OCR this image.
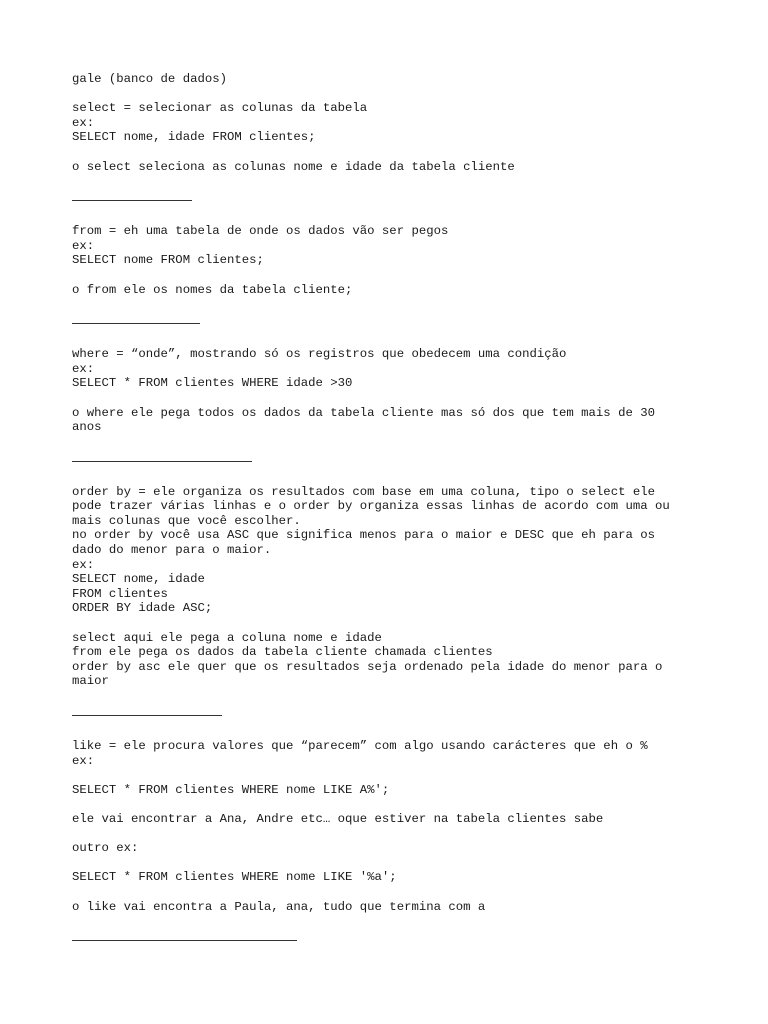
gale (banco de dados)
select = selecionar as colunas da tabela
ex:
SELECT nome, idade FROM clientes;
o select seleciona as colunas nome e idade da tabela cliente
from = eh uma tabela de onde os dados vão ser pegos
ex:
SELECT nome FROM clientes;
o from ele os nomes da tabela cliente;
where = “onde”, mostrando só os registros que obedecem uma condição
ex:
SELECT * FROM clientes WHERE idade >30
o where ele pega todos os dados da tabela cliente mas só dos que tem mais de 30
anos
order by = ele organiza os resultados com base em uma coluna, tipo o select ele
pode trazer várias linhas e o order by organiza essas linhas de acordo com uma ou
mais colunas que você escolher.
no order by você usa ASC que significa menos para o maior e DESC que eh para os
dado do menor para o maior.
ex:
SELECT nome, idade
FROM clientes
ORDER BY idade ASC;
select aqui ele pega a coluna nome e idade
from ele pega os dados da tabela cliente chamada clientes
order by asc ele quer que os resultados seja ordenado pela idade do menor para o
maior
like = ele procura valores que “parecem” com algo usando carácteres que eh o %
ex:
SELECT * FROM clientes WHERE nome LIKE A%';
ele vai encontrar a Ana, Andre etc… oque estiver na tabela clientes sabe
outro ex:
SELECT * FROM clientes WHERE nome LIKE '%a';
o like vai encontra a Paula, ana, tudo que termina com a
